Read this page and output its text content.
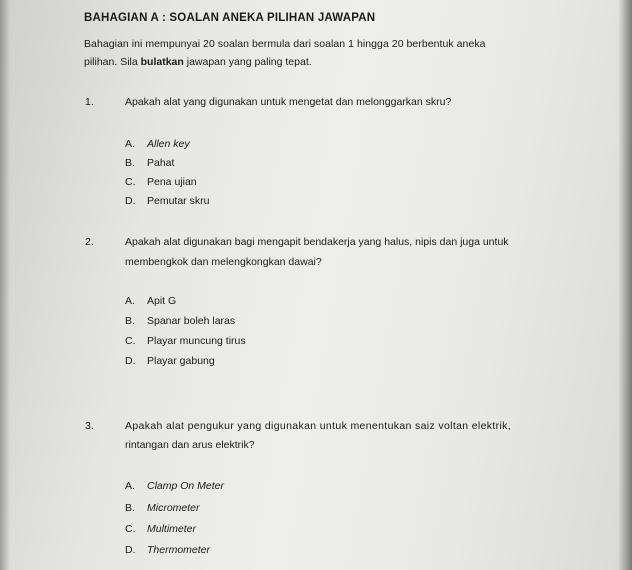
BAHAGIAN A : SOALAN ANEKA PILIHAN JAWAPAN
Bahagian ini mempunyai 20 soalan bermula dari soalan 1 hingga 20 berbentuk aneka
pilihan. Sila bulatkan jawapan yang paling tepat.
1.	Apakah alat yang digunakan untuk mengetat dan melonggarkan skru?
A. Allen key
B. Pahat
C. Pena ujian
D. Pemutar skru
2.	Apakah alat digunakan bagi mengapit bendakerja yang halus, nipis dan juga untuk
membengkok dan melengkongkan dawai?
A. Apit G
B. Spanar boleh laras
C. Playar muncung tirus
D. Playar gabung
3.	Apakah alat pengukur yang digunakan untuk menentukan saiz voltan elektrik,
rintangan dan arus elektrik?
A. Clamp On Meter
B. Micrometer
C. Multimeter
D. Thermometer
